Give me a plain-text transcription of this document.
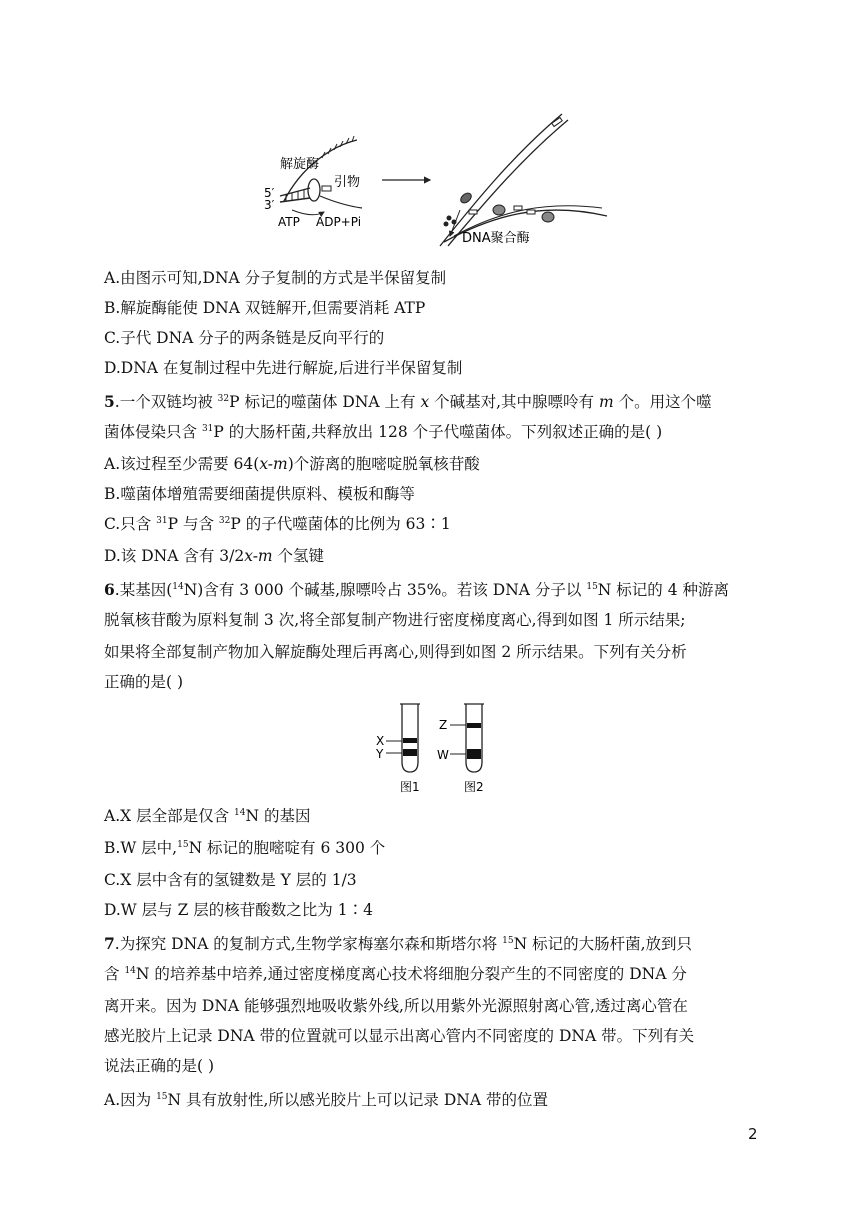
解旋酶
引物
5′
3′
ATP ADP+Pi
DNA聚合酶
A.由图示可知,DNA 分子复制的方式是半保留复制
B.解旋酶能使 DNA 双链解开,但需要消耗 ATP
C.子代 DNA 分子的两条链是反向平行的
D.DNA 在复制过程中先进行解旋,后进行半保留复制
5.一个双链均被 $^{32}$P 标记的噬菌体 DNA 上有 x 个碱基对,其中腺嘌呤有 m 个。用这个噬
菌体侵染只含 $^{31}$P 的大肠杆菌,共释放出 128 个子代噬菌体。下列叙述正确的是( )
A.该过程至少需要 64(x-m)个游离的胞嘧啶脱氧核苷酸
B.噬菌体增殖需要细菌提供原料、模板和酶等
C.只含 $^{31}$P 与含 $^{32}$P 的子代噬菌体的比例为 63∶1
D.该 DNA 含有 3/2x-m 个氢键
6.某基因($^{14}$N)含有 3 000 个碱基,腺嘌呤占 35%。若该 DNA 分子以 $^{15}$N 标记的 4 种游离
脱氧核苷酸为原料复制 3 次,将全部复制产物进行密度梯度离心,得到如图 1 所示结果;
如果将全部复制产物加入解旋酶处理后再离心,则得到如图 2 所示结果。下列有关分析
正确的是( )
X
Y
图1
Z
W
图2
A.X 层全部是仅含 $^{14}$N 的基因
B.W 层中,$^{15}$N 标记的胞嘧啶有 6 300 个
C.X 层中含有的氢键数是 Y 层的 1/3
D.W 层与 Z 层的核苷酸数之比为 1∶4
7.为探究 DNA 的复制方式,生物学家梅塞尔森和斯塔尔将 $^{15}$N 标记的大肠杆菌,放到只
含 $^{14}$N 的培养基中培养,通过密度梯度离心技术将细胞分裂产生的不同密度的 DNA 分
离开来。因为 DNA 能够强烈地吸收紫外线,所以用紫外光源照射离心管,透过离心管在
感光胶片上记录 DNA 带的位置就可以显示出离心管内不同密度的 DNA 带。下列有关
说法正确的是( )
A.因为 $^{15}$N 具有放射性,所以感光胶片上可以记录 DNA 带的位置
2
